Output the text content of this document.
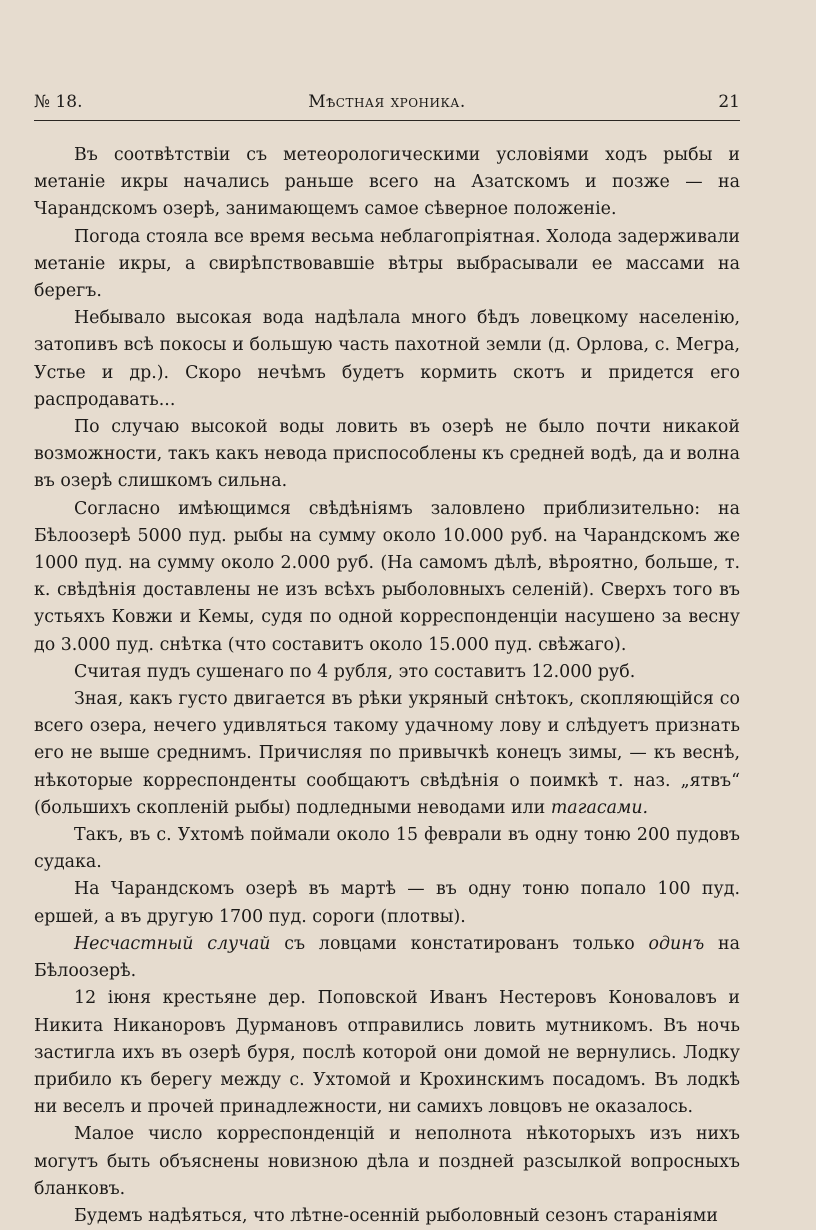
№ 18.	Мѣстная хроника.	21

Въ соотвѣтствіи съ метеорологическими условіями ходъ рыбы и метаніе икры начались раньше всего на Азатскомъ и позже — на Чарандскомъ озерѣ, занимающемъ самое сѣверное положеніе.

Погода стояла все время весьма неблагопріятная. Холода задерживали метаніе икры, а свирѣпствовавшіе вѣтры выбрасывали ее массами на берегъ.

Небывало высокая вода надѣлала много бѣдъ ловецкому населенію, затопивъ всѣ покосы и большую часть пахотной земли (д. Орлова, с. Мегра, Устье и др.). Скоро нечѣмъ будетъ кормить скотъ и придется его распродавать...

По случаю высокой воды ловить въ озерѣ не было почти никакой возможности, такъ какъ невода приспособлены къ средней водѣ, да и волна въ озерѣ слишкомъ сильна.

Согласно имѣющимся свѣдѣніямъ заловлено приблизительно: на Бѣлоозерѣ 5000 пуд. рыбы на сумму около 10.000 руб. на Чарандскомъ же 1000 пуд. на сумму около 2.000 руб. (На самомъ дѣлѣ, вѣроятно, больше, т. к. свѣдѣнія доставлены не изъ всѣхъ рыболовныхъ селеній). Сверхъ того въ устьяхъ Ковжи и Кемы, судя по одной корреспонденціи насушено за весну до 3.000 пуд. снѣтка (что составитъ около 15.000 пуд. свѣжаго).

Считая пудъ сушенаго по 4 рубля, это составитъ 12.000 руб.

Зная, какъ густо двигается въ рѣки укряный снѣтокъ, скопляющійся со всего озера, нечего удивляться такому удачному лову и слѣдуетъ признать его не выше среднимъ. Причисляя по привычкѣ конецъ зимы, — къ веснѣ, нѣкоторые корреспонденты сообщаютъ свѣдѣнія о поимкѣ т. наз. „ятвъ“ (большихъ скопленій рыбы) подледными неводами или тагасами.

Такъ, въ с. Ухтомѣ поймали около 15 феврали въ одну тоню 200 пудовъ судака.

На Чарандскомъ озерѣ въ мартѣ — въ одну тоню попало 100 пуд. ершей, а въ другую 1700 пуд. сороги (плотвы).

Несчастный случай съ ловцами констатированъ только одинъ на Бѣлоозерѣ.

12 іюня крестьяне дер. Поповской Иванъ Нестеровъ Коноваловъ и Никита Никаноровъ Дурмановъ отправились ловить мутникомъ. Въ ночь застигла ихъ въ озерѣ буря, послѣ которой они домой не вернулись. Лодку прибило къ берегу между с. Ухтомой и Крохинскимъ посадомъ. Въ лодкѣ ни веселъ и прочей принадлежности, ни самихъ ловцовъ не оказалось.

Малое число корреспонденцій и неполнота нѣкоторыхъ изъ нихъ могутъ быть объяснены новизною дѣла и поздней разсылкой вопросныхъ бланковъ.

Будемъ надѣяться, что лѣтне-осенній рыболовный сезонъ стараніями
